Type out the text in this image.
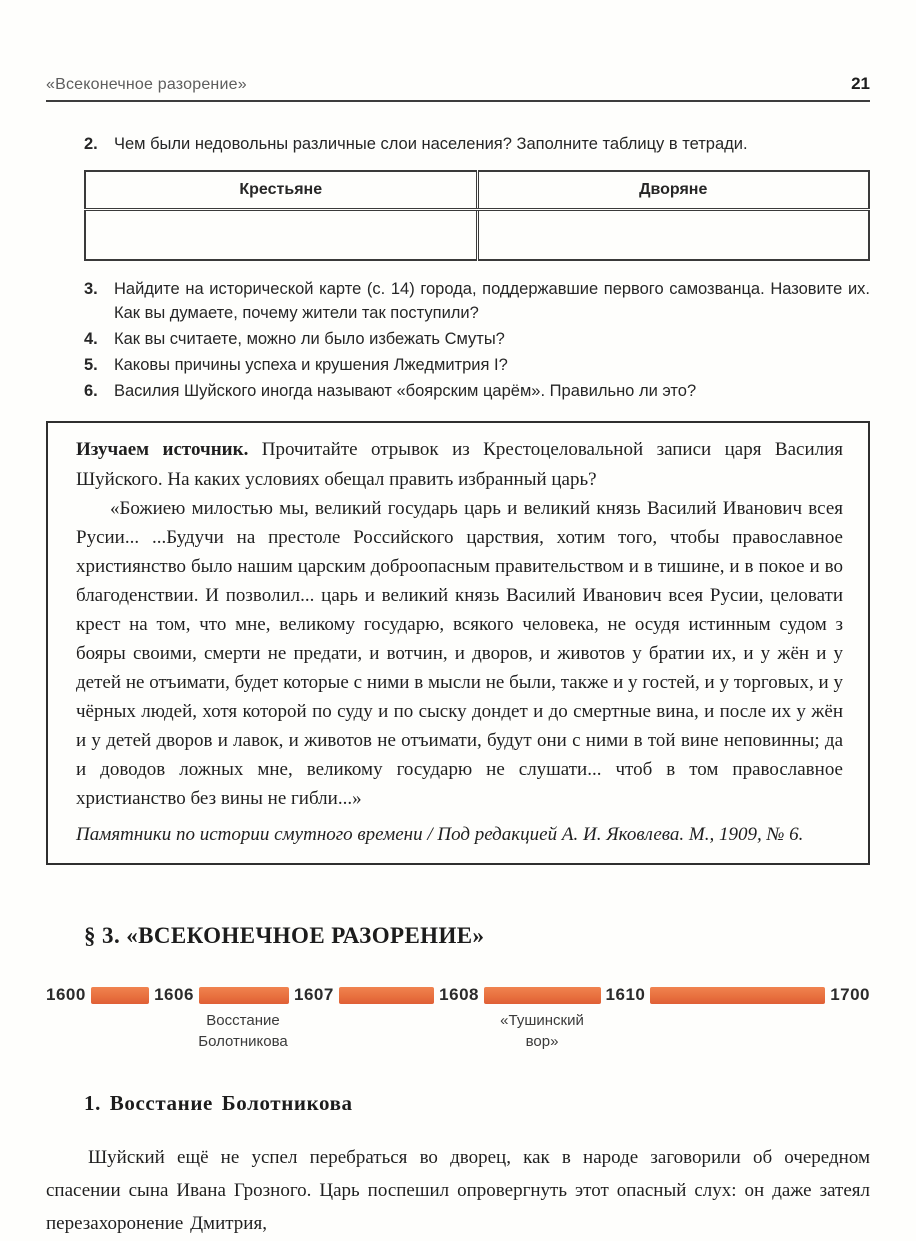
«Всеконечное разорение»	21
2. Чем были недовольны различные слои населения? Заполните таблицу в тетради.
Крестьяне	Дворяне

3. Найдите на исторической карте (с. 14) города, поддержавшие первого самозванца. Назовите их. Как вы думаете, почему жители так поступили?
4. Как вы считаете, можно ли было избежать Смуты?
5. Каковы причины успеха и крушения Лжедмитрия I?
6. Василия Шуйского иногда называют «боярским царём». Правильно ли это?

Изучаем источник. Прочитайте отрывок из Крестоцеловальной записи царя Василия Шуйского. На каких условиях обещал править избранный царь?

«Божиею милостью мы, великий государь царь и великий князь Василий Иванович всея Русии... ...Будучи на престоле Российского царствия, хотим того, чтобы православное християнство было нашим царским доброопасным правительством и в тишине, и в покое и во благоденствии. И позволил... царь и великий князь Василий Иванович всея Русии, целовати крест на том, что мне, великому государю, всякого человека, не осудя истинным судом з бояры своими, смерти не предати, и вотчин, и дворов, и животов у братии их, и у жён и у детей не отъимати, будет которые с ними в мысли не были, также и у гостей, и у торговых, и у чёрных людей, хотя которой по суду и по сыску дондет и до смертные вина, и после их у жён и у детей дворов и лавок, и животов не отъимати, будут они с ними в той вине неповинны; да и доводов ложных мне, великому государю не слушати... чтоб в том православное христианство без вины не гибли...»

Памятники по истории смутного времени / Под редакцией А. И. Яковлева. М., 1909, № 6.

§ 3. «ВСЕКОНЕЧНОЕ РАЗОРЕНИЕ»
1600	1606	1607	1608	1610	1700
Восстание Болотникова
«Тушинский вор»
1. Восстание Болотникова

Шуйский ещё не успел перебраться во дворец, как в народе заговорили об очередном спасении сына Ивана Грозного. Царь поспешил опровергнуть этот опасный слух: он даже затеял перезахоронение Дмитрия,
